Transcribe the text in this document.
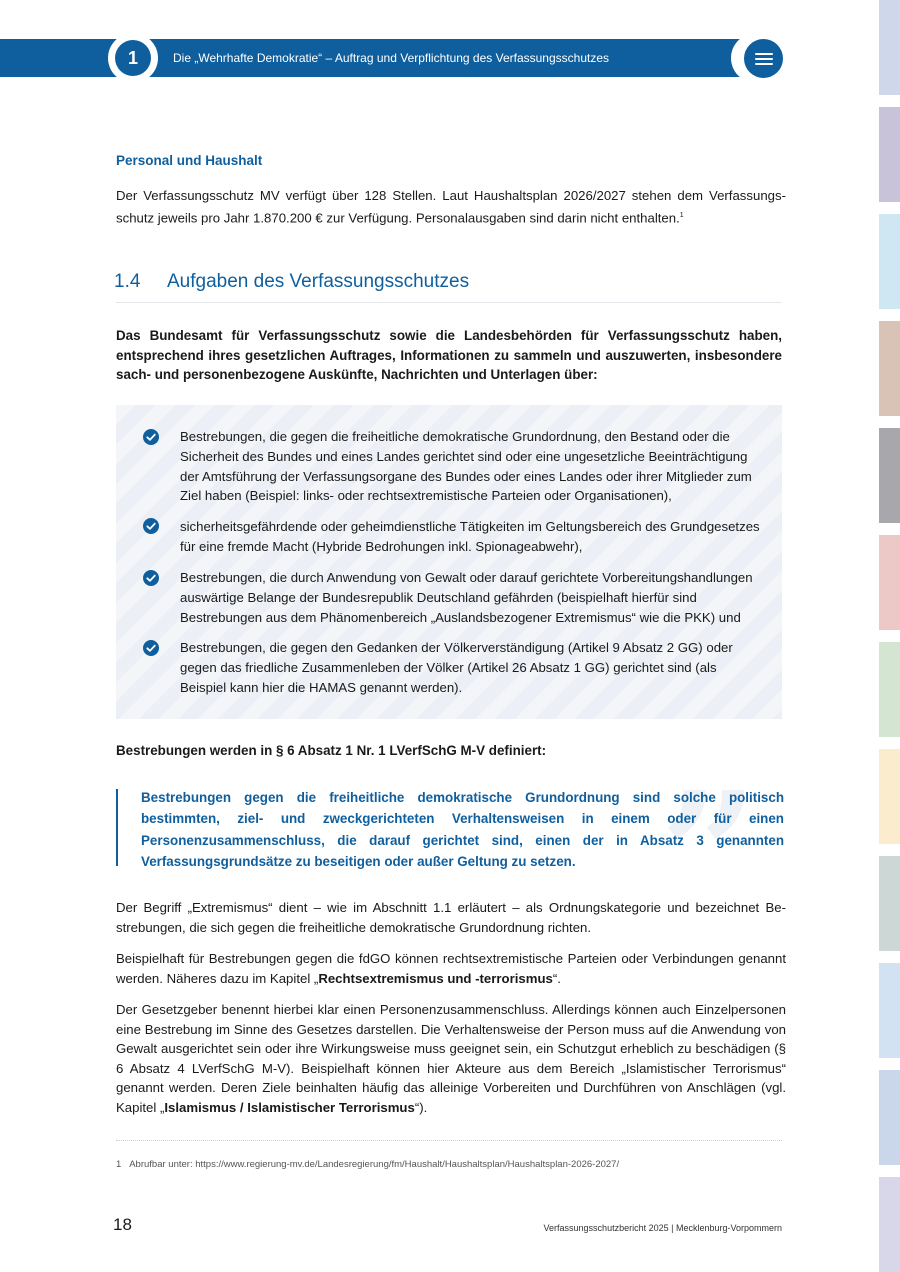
1	Die „Wehrhafte Demokratie“ – Auftrag und Verpflichtung des Verfassungsschutzes
Personal und Haushalt
Der Verfassungsschutz MV verfügt über 128 Stellen. Laut Haushaltsplan 2026/2027 stehen dem Verfassungsschutz jeweils pro Jahr 1.870.200 € zur Verfügung. Personalausgaben sind darin nicht enthalten.$^1$
1.4 Aufgaben des Verfassungsschutzes
Das Bundesamt für Verfassungsschutz sowie die Landesbehörden für Verfassungsschutz haben, entsprechend ihres gesetzlichen Auftrages, Informationen zu sammeln und auszuwerten, insbesondere sach- und personenbezogene Auskünfte, Nachrichten und Unterlagen über:
Bestrebungen, die gegen die freiheitliche demokratische Grundordnung, den Bestand oder die Sicherheit des Bundes und eines Landes gerichtet sind oder eine ungesetzliche Beeinträchtigung der Amtsführung der Verfassungsorgane des Bundes oder eines Landes oder ihrer Mitglieder zum Ziel haben (Beispiel: links- oder rechtsextremistische Parteien oder Organisationen),
sicherheitsgefährdende oder geheimdienstliche Tätigkeiten im Geltungsbereich des Grundgesetzes für eine fremde Macht (Hybride Bedrohungen inkl. Spionageabwehr),
Bestrebungen, die durch Anwendung von Gewalt oder darauf gerichtete Vorbereitungshandlungen auswärtige Belange der Bundesrepublik Deutschland gefährden (beispielhaft hierfür sind Bestrebungen aus dem Phänomenbereich „Auslandsbezogener Extremismus“ wie die PKK) und
Bestrebungen, die gegen den Gedanken der Völkerverständigung (Artikel 9 Absatz 2 GG) oder gegen das friedliche Zusammenleben der Völker (Artikel 26 Absatz 1 GG) gerichtet sind (als Beispiel kann hier die HAMAS genannt werden).
Bestrebungen werden in § 6 Absatz 1 Nr. 1 LVerfSchG M-V definiert:
”
Bestrebungen gegen die freiheitliche demokratische Grundordnung sind solche politisch bestimmten, ziel- und zweckgerichteten Verhaltensweisen in einem oder für einen Personenzusammenschluss, die darauf gerichtet sind, einen der in Absatz 3 genannten Verfassungsgrundsätze zu beseitigen oder außer Geltung zu setzen.
Der Begriff „Extremismus“ dient – wie im Abschnitt 1.1 erläutert – als Ordnungskategorie und bezeichnet Bestrebungen, die sich gegen die freiheitliche demokratische Grundordnung richten.
Beispielhaft für Bestrebungen gegen die fdGO können rechtsextremistische Parteien oder Verbindungen genannt werden. Näheres dazu im Kapitel „Rechtsextremismus und -terrorismus“.
Der Gesetzgeber benennt hierbei klar einen Personenzusammenschluss. Allerdings können auch Einzelpersonen eine Bestrebung im Sinne des Gesetzes darstellen. Die Verhaltensweise der Person muss auf die Anwendung von Gewalt ausgerichtet sein oder ihre Wirkungsweise muss geeignet sein, ein Schutzgut erheblich zu beschädigen (§ 6 Absatz 4 LVerfSchG M-V). Beispielhaft können hier Akteure aus dem Bereich „Islamistischer Terrorismus“ genannt werden. Deren Ziele beinhalten häufig das alleinige Vorbereiten und Durchführen von Anschlägen (vgl. Kapitel „Islamismus / Islamistischer Terrorismus“).
1 Abrufbar unter: https://www.regierung-mv.de/Landesregierung/fm/Haushalt/Haushaltsplan/Haushaltsplan-2026-2027/
18	Verfassungsschutzbericht 2025 | Mecklenburg-Vorpommern
